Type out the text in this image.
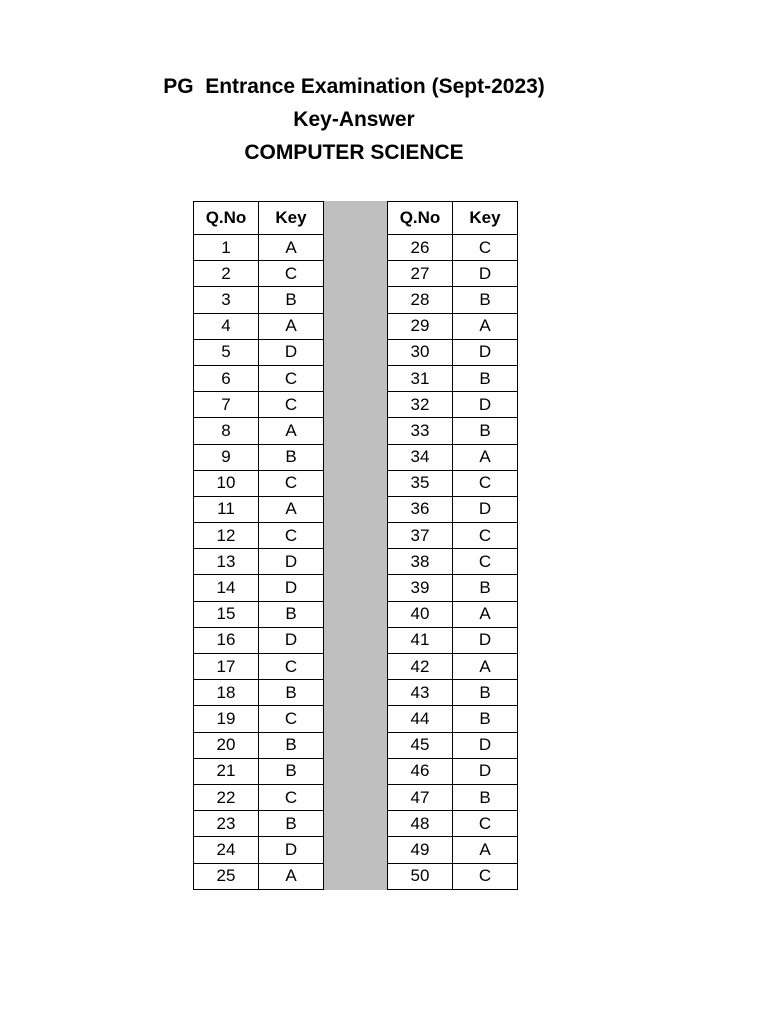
PG  Entrance Examination (Sept-2023)
Key-Answer
COMPUTER SCIENCE
Q.No	Key
1	A
2	C
3	B
4	A
5	D
6	C
7	C
8	A
9	B
10	C
11	A
12	C
13	D
14	D
15	B
16	D
17	C
18	B
19	C
20	B
21	B
22	C
23	B
24	D
25	A
Q.No	Key
26	C
27	D
28	B
29	A
30	D
31	B
32	D
33	B
34	A
35	C
36	D
37	C
38	C
39	B
40	A
41	D
42	A
43	B
44	B
45	D
46	D
47	B
48	C
49	A
50	C
